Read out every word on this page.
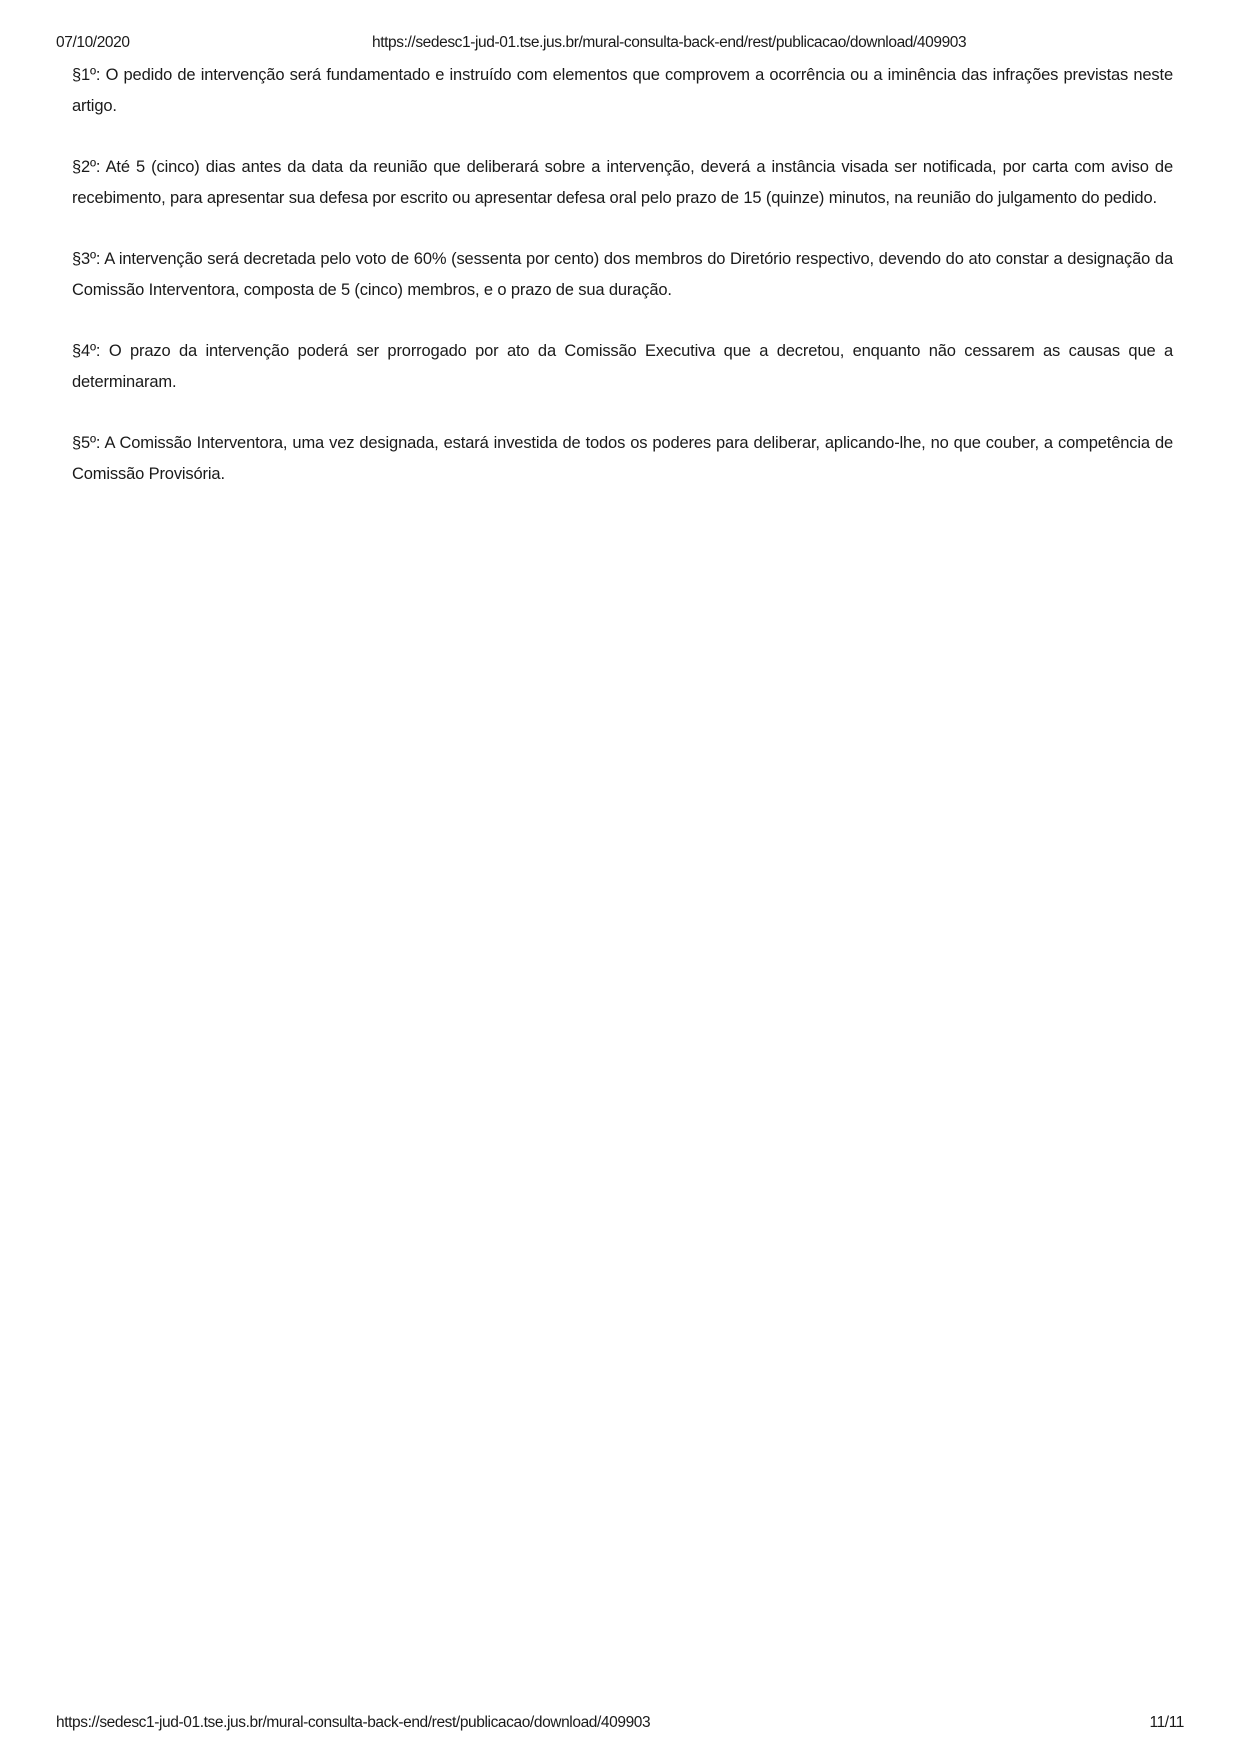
07/10/2020	https://sedesc1-jud-01.tse.jus.br/mural-consulta-back-end/rest/publicacao/download/409903

§1º: O pedido de intervenção será fundamentado e instruído com elementos que comprovem a ocorrência ou a iminência das infrações previstas neste artigo.

§2º: Até 5 (cinco) dias antes da data da reunião que deliberará sobre a intervenção, deverá a instância visada ser notificada, por carta com aviso de recebimento, para apresentar sua defesa por escrito ou apresentar defesa oral pelo prazo de 15 (quinze) minutos, na reunião do julgamento do pedido.

§3º: A intervenção será decretada pelo voto de 60% (sessenta por cento) dos membros do Diretório respectivo, devendo do ato constar a designação da Comissão Interventora, composta de 5 (cinco) membros, e o prazo de sua duração.

§4º: O prazo da intervenção poderá ser prorrogado por ato da Comissão Executiva que a decretou, enquanto não cessarem as causas que a determinaram.

§5º: A Comissão Interventora, uma vez designada, estará investida de todos os poderes para deliberar, aplicando-lhe, no que couber, a competência de Comissão Provisória.

https://sedesc1-jud-01.tse.jus.br/mural-consulta-back-end/rest/publicacao/download/409903	11/11
